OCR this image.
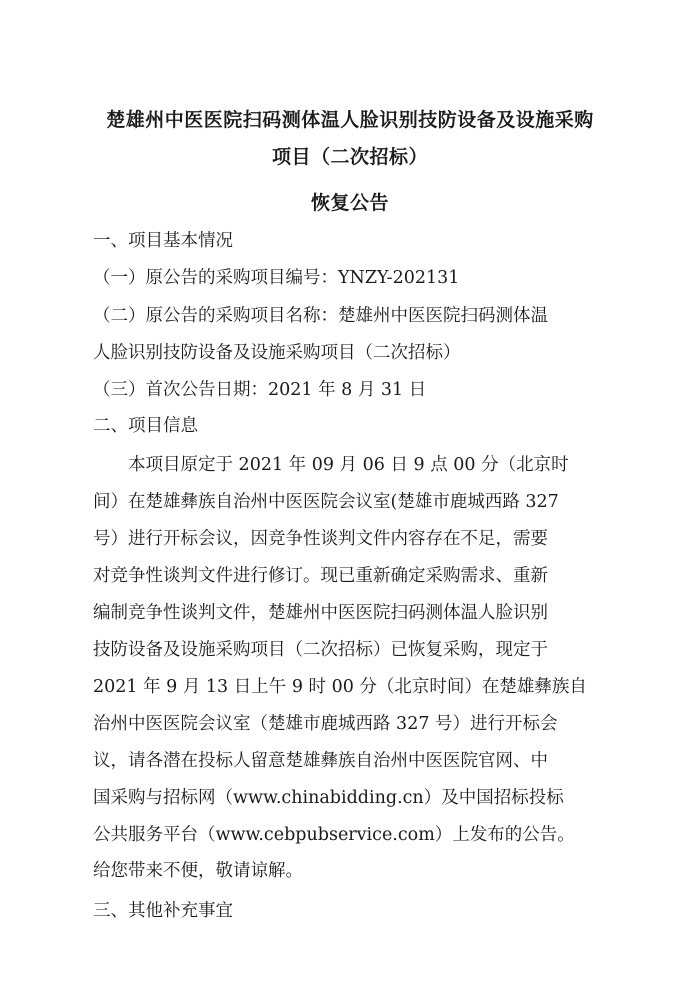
楚雄州中医医院扫码测体温人脸识别技防设备及设施采购
项目（二次招标）
恢复公告

一、项目基本情况

（一）原公告的采购项目编号：YNZY-202131

（二）原公告的采购项目名称：楚雄州中医医院扫码测体温

人脸识别技防设备及设施采购项目（二次招标）

（三）首次公告日期：2021 年 8 月 31 日

二、项目信息

本项目原定于 2021 年 09 月 06 日 9 点 00 分（北京时

间）在楚雄彝族自治州中医医院会议室(楚雄市鹿城西路 327

号）进行开标会议，因竞争性谈判文件内容存在不足，需要

对竞争性谈判文件进行修订。现已重新确定采购需求、重新

编制竞争性谈判文件，楚雄州中医医院扫码测体温人脸识别

技防设备及设施采购项目（二次招标）已恢复采购，现定于

2021 年 9 月 13 日上午 9 时 00 分（北京时间）在楚雄彝族自

治州中医医院会议室（楚雄市鹿城西路 327 号）进行开标会

议，请各潜在投标人留意楚雄彝族自治州中医医院官网、中

国采购与招标网（www.chinabidding.cn）及中国招标投标

公共服务平台（www.cebpubservice.com）上发布的公告。

给您带来不便，敬请谅解。

三、其他补充事宜
